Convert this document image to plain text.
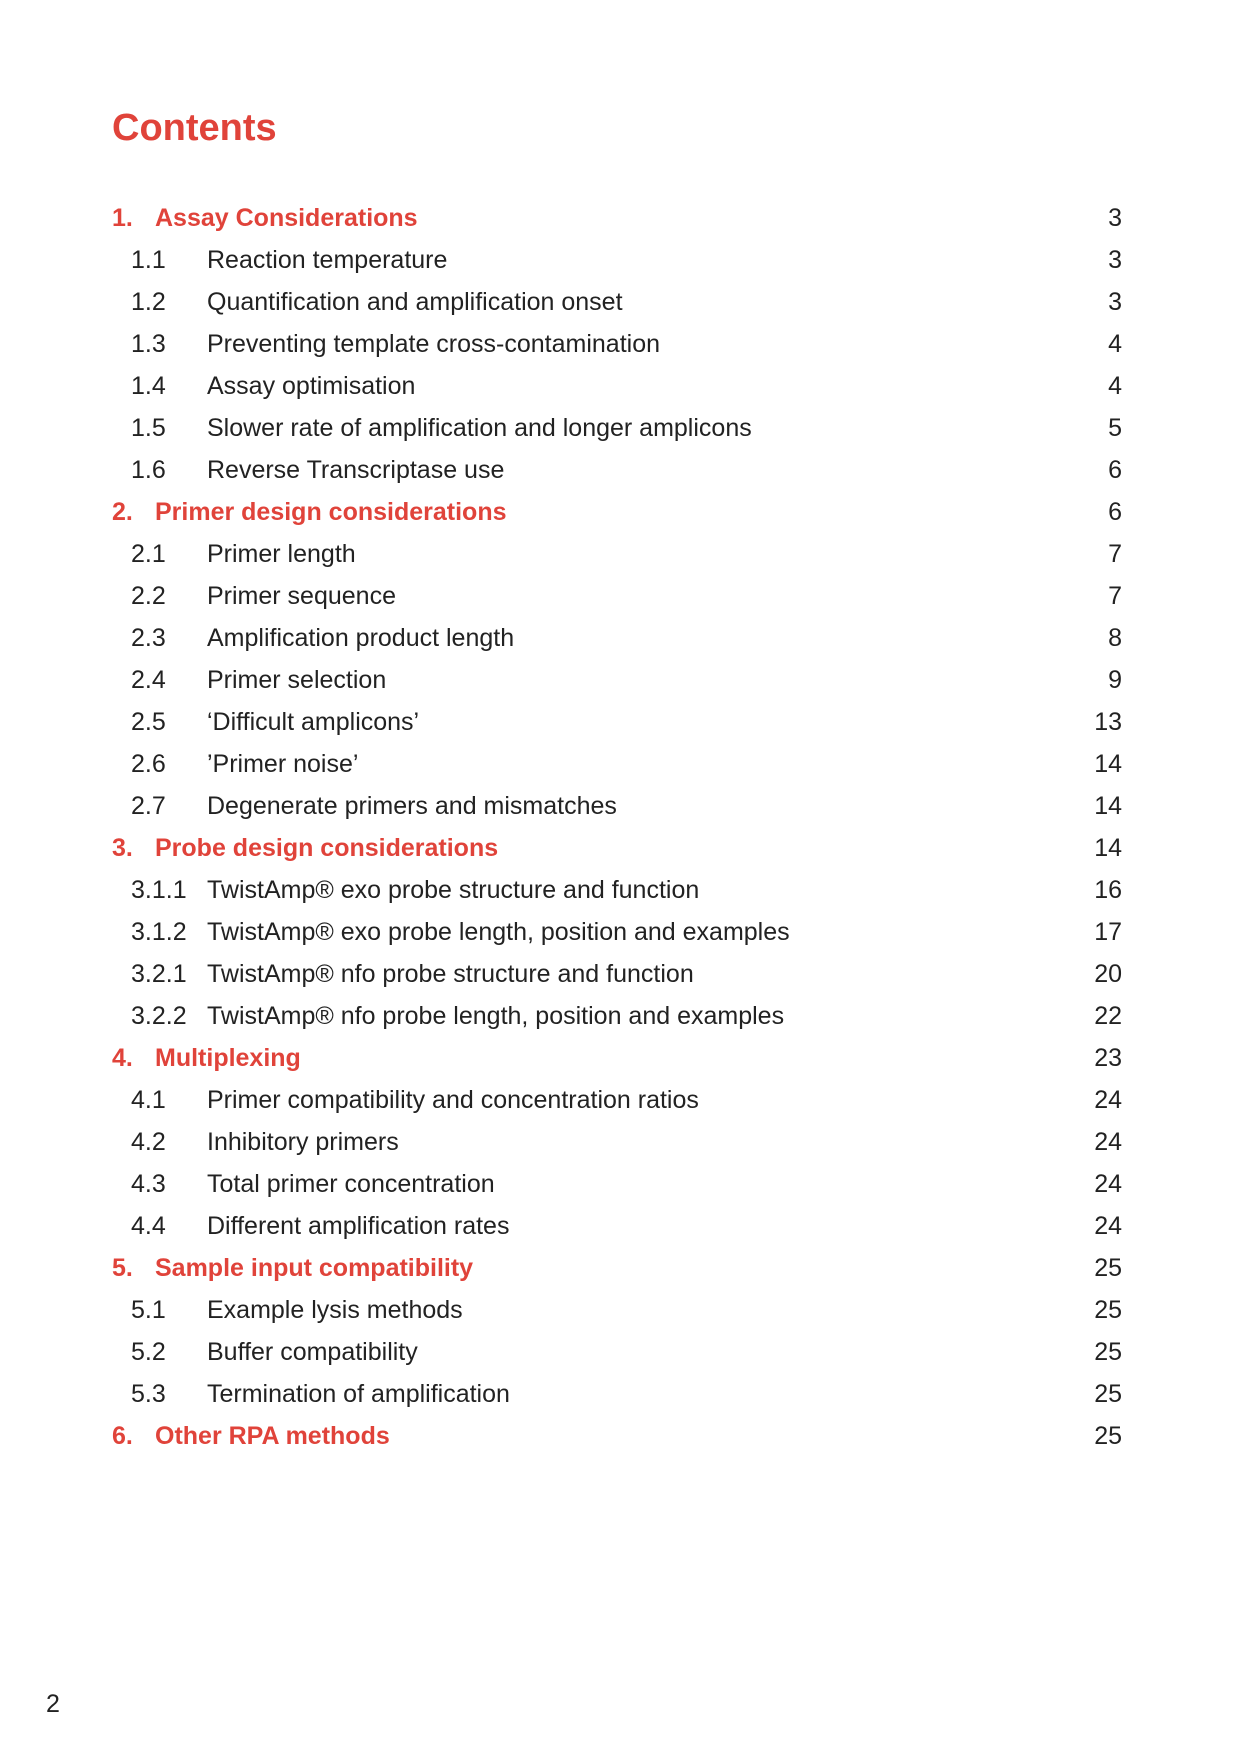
Contents
1. Assay Considerations	3
1.1 Reaction temperature	3
1.2 Quantification and amplification onset	3
1.3 Preventing template cross-contamination	4
1.4 Assay optimisation	4
1.5 Slower rate of amplification and longer amplicons	5
1.6 Reverse Transcriptase use	6
2. Primer design considerations	6
2.1 Primer length	7
2.2 Primer sequence	7
2.3 Amplification product length	8
2.4 Primer selection	9
2.5 ‘Difficult amplicons’	13
2.6 ’Primer noise’	14
2.7 Degenerate primers and mismatches	14
3. Probe design considerations	14
3.1.1 TwistAmp® exo probe structure and function	16
3.1.2 TwistAmp® exo probe length, position and examples	17
3.2.1 TwistAmp® nfo probe structure and function	20
3.2.2 TwistAmp® nfo probe length, position and examples	22
4. Multiplexing	23
4.1 Primer compatibility and concentration ratios	24
4.2 Inhibitory primers	24
4.3 Total primer concentration	24
4.4 Different amplification rates	24
5. Sample input compatibility	25
5.1 Example lysis methods	25
5.2 Buffer compatibility	25
5.3 Termination of amplification	25
6. Other RPA methods	25
2
